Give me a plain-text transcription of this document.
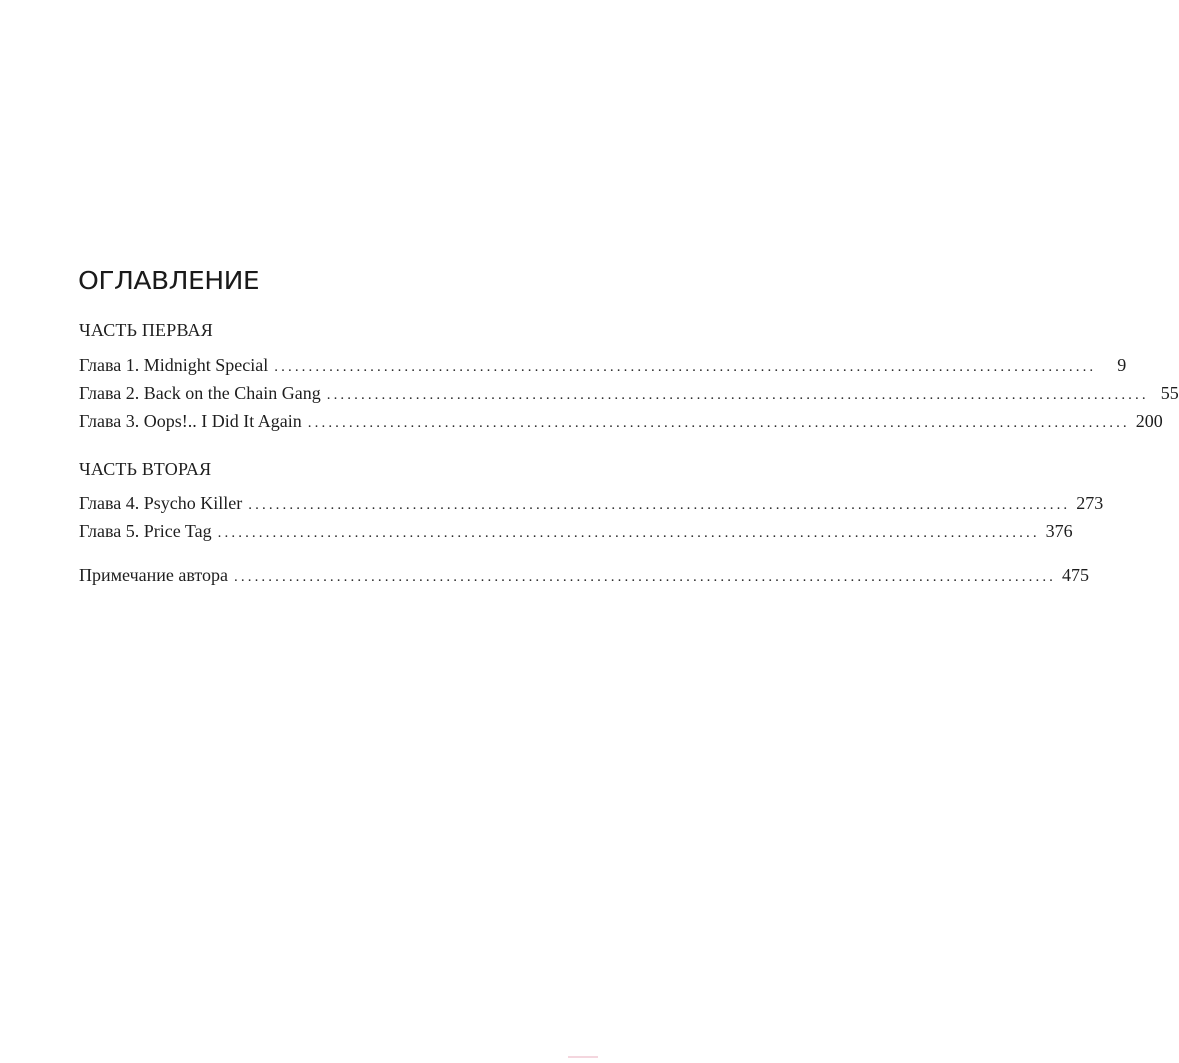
ОГЛАВЛЕНИЕ
ЧАСТЬ ПЕРВАЯ
Глава 1. Midnight Special ........................................................................................................................	9
Глава 2. Back on the Chain Gang ........................................................................................................................ 55
Глава 3. Oops!.. I Did It Again ........................................................................................................................ 200
ЧАСТЬ ВТОРАЯ
Глава 4. Psycho Killer ........................................................................................................................ 273
Глава 5. Price Tag ........................................................................................................................ 376
Примечание автора ........................................................................................................................ 475
